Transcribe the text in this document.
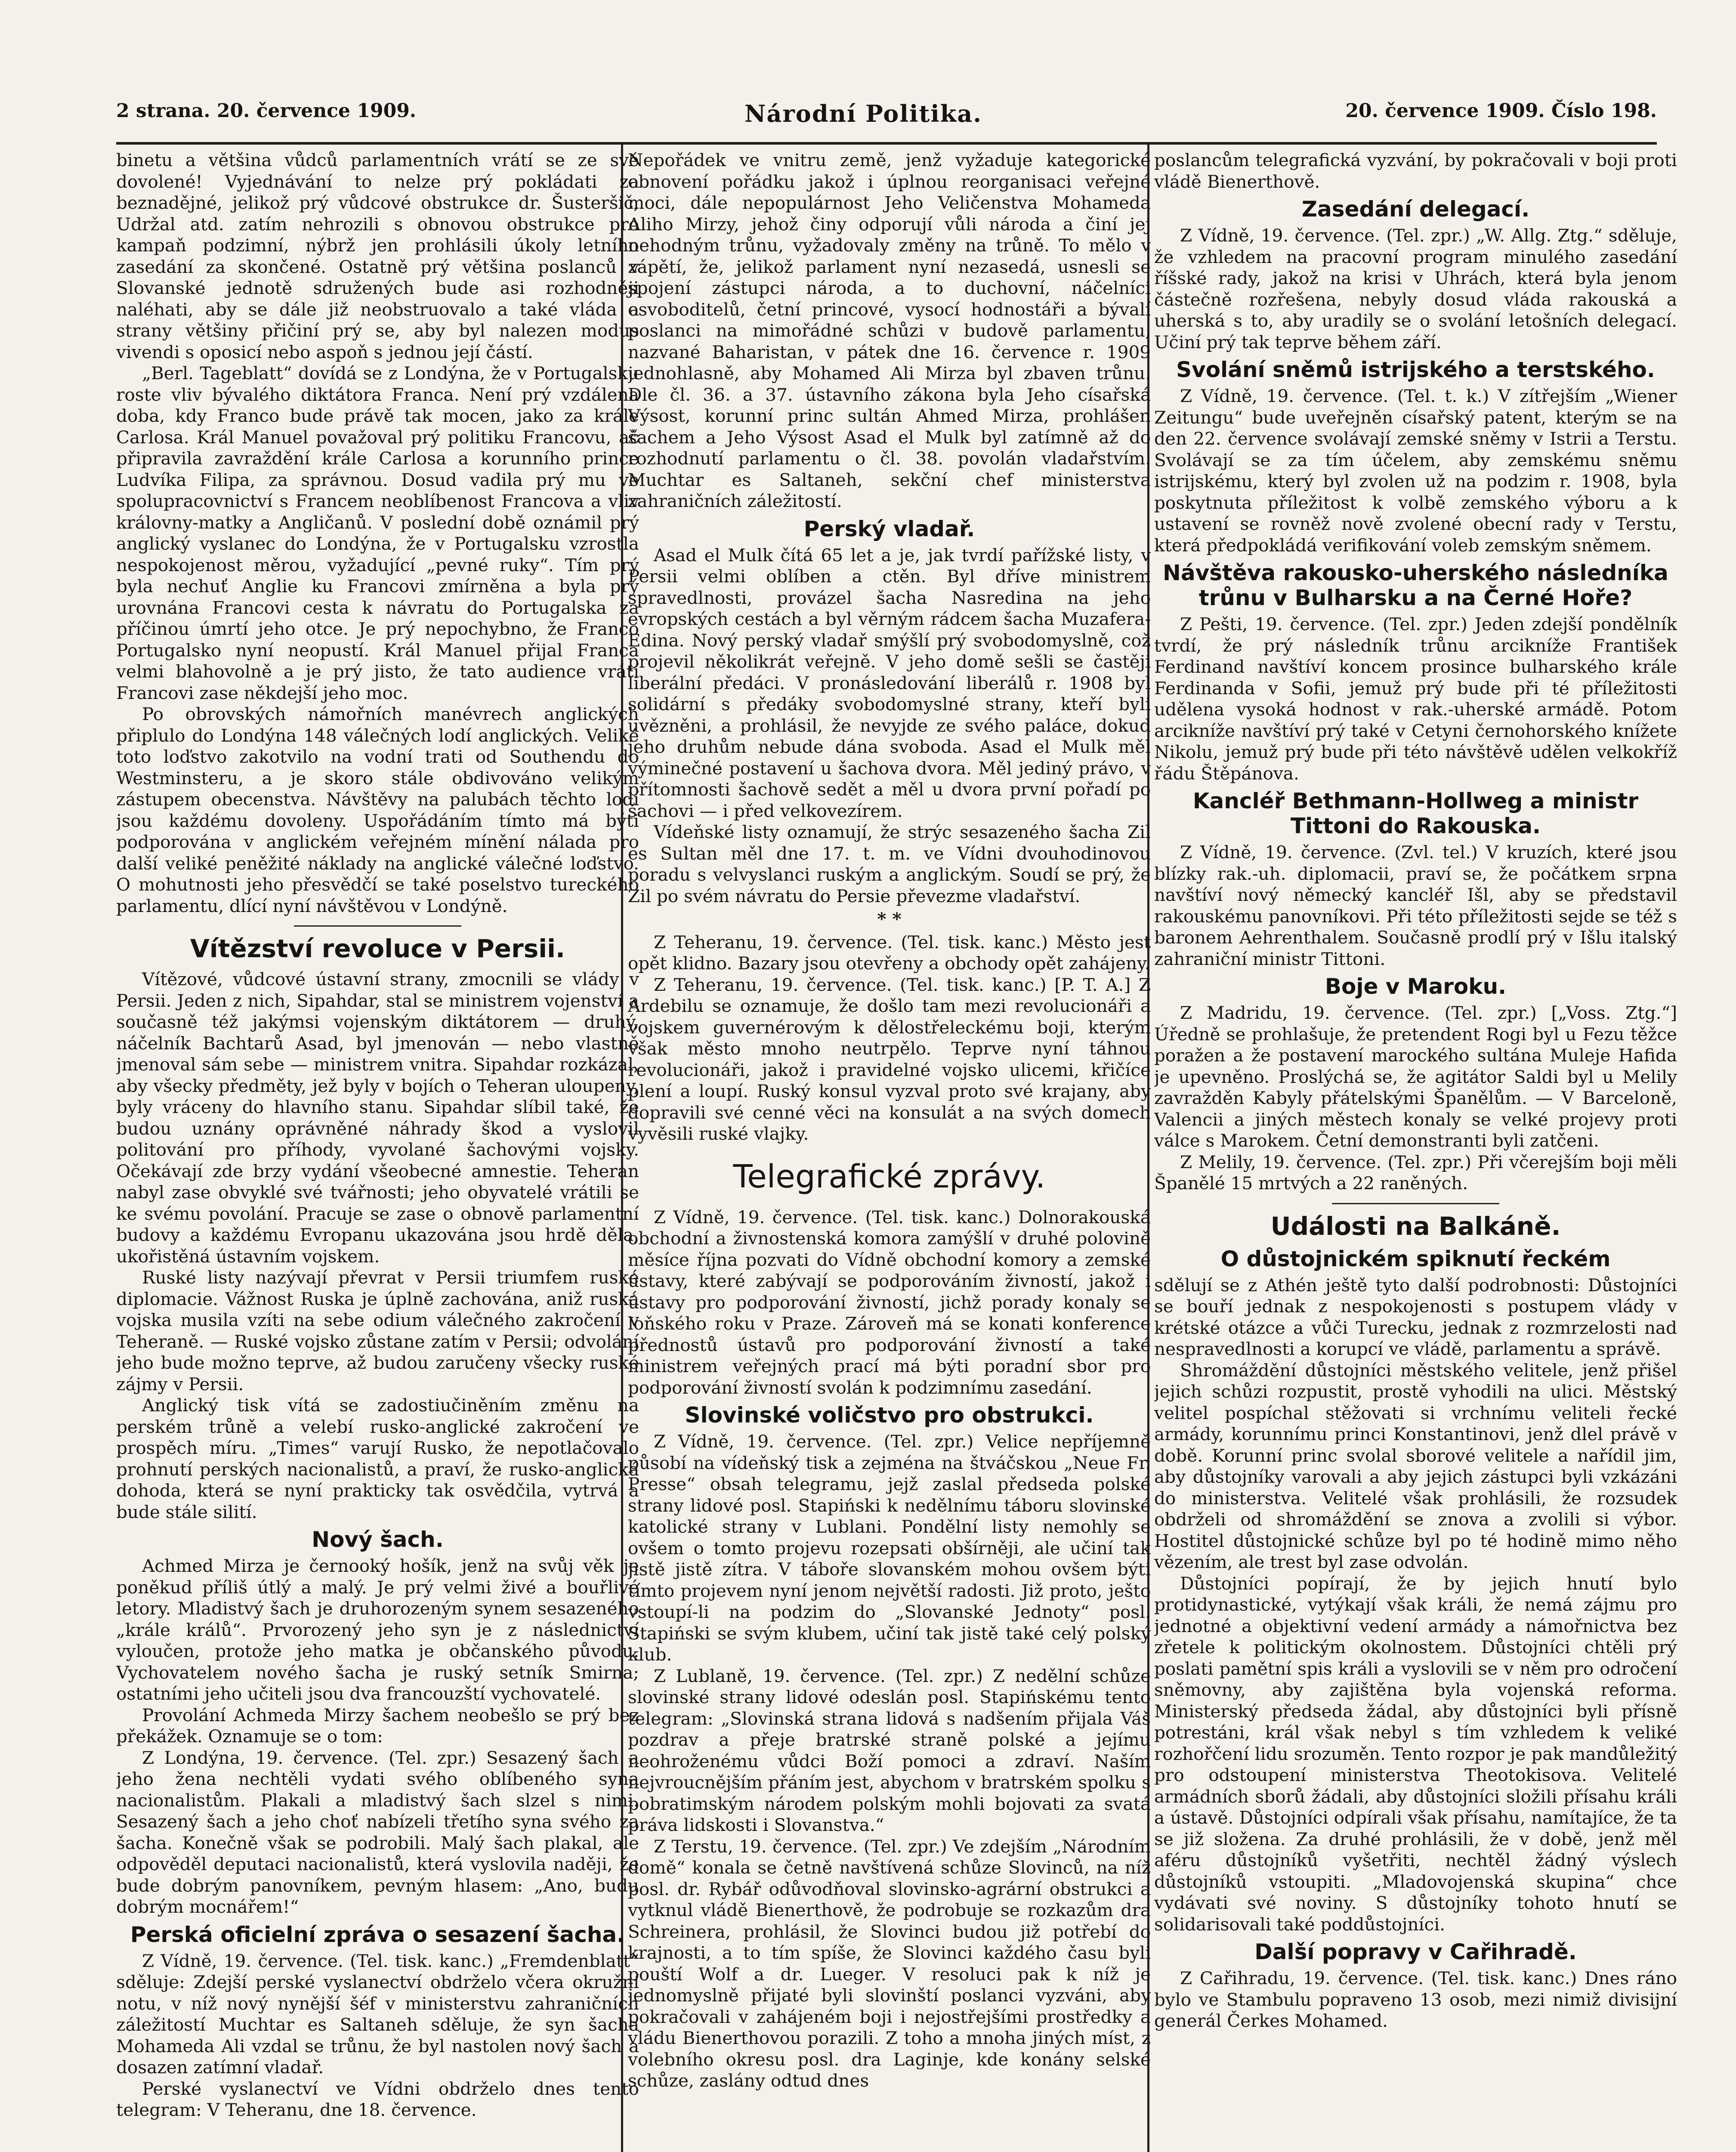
2 strana. 20. července 1909.	Národní Politika.	20. července 1909. Číslo 198.

binetu a většina vůdců parlamentních vrátí se ze své dovolené! Vyjednávání to nelze prý pokládati za beznadějné, jelikož prý vůdcové obstrukce dr. Šusteršič, Udržal atd. zatím nehrozili s obnovou obstrukce pro kampaň podzimní, nýbrž jen prohlásili úkoly letního zasedání za skončené. Ostatně prý většina poslanců v Slovanské jednotě sdružených bude asi rozhodněji naléhati, aby se dále již neobstruovalo a také vláda a strany většiny přičiní prý se, aby byl nalezen modus vivendi s oposicí nebo aspoň s jednou její částí.

„Berl. Tageblatt“ dovídá se z Londýna, že v Portugalsku roste vliv bývalého diktátora Franca. Není prý vzdálena doba, kdy Franco bude právě tak mocen, jako za krále Carlosa. Král Manuel považoval prý politiku Francovu, ač připravila zavraždění krále Carlosa a korunního prince Ludvíka Filipa, za správnou. Dosud vadila prý mu ve spolupracovnictví s Francem neoblíbenost Francova a vliv královny-matky a Angličanů. V poslední době oznámil prý anglický vyslanec do Londýna, že v Portugalsku vzrostla nespokojenost měrou, vyžadující „pevné ruky“. Tím prý byla nechuť Anglie ku Francovi zmírněna a byla prý urovnána Francovi cesta k návratu do Portugalska za příčinou úmrtí jeho otce. Je prý nepochybno, že Franco Portugalsko nyní neopustí. Král Manuel přijal Franca velmi blahovolně a je prý jisto, že tato audience vrátí Francovi zase někdejší jeho moc.

Po obrovských námořních manévrech anglických připlulo do Londýna 148 válečných lodí anglických. Veliké toto loďstvo zakotvilo na vodní trati od Southendu do Westminsteru, a je skoro stále obdivováno velikým zástupem obecenstva. Návštěvy na palubách těchto lodí jsou každému dovoleny. Uspořádáním tímto má býti podporována v anglickém veřejném mínění nálada pro další veliké peněžité náklady na anglické válečné loďstvo. O mohutnosti jeho přesvědčí se také poselstvo tureckého parlamentu, dlící nyní návštěvou v Londýně.

Vítězství revoluce v Persii.

Vítězové, vůdcové ústavní strany, zmocnili se vlády v Persii. Jeden z nich, Sipahdar, stal se ministrem vojenství a současně též jakýmsi vojenským diktátorem — druhý, náčelník Bachtarů Asad, byl jmenován — nebo vlastně jmenoval sám sebe — ministrem vnitra. Sipahdar rozkázal, aby všecky předměty, jež byly v bojích o Teheran uloupeny, byly vráceny do hlavního stanu. Sipahdar slíbil také, že budou uznány oprávněné náhrady škod a vyslovil politování pro příhody, vyvolané šachovými vojsky. Očekávají zde brzy vydání všeobecné amnestie. Teheran nabyl zase obvyklé své tvářnosti; jeho obyvatelé vrátili se ke svému povolání. Pracuje se zase o obnově parlamentní budovy a každému Evropanu ukazována jsou hrdě děla, ukořistěná ústavním vojskem.

Ruské listy nazývají převrat v Persii triumfem ruské diplomacie. Vážnost Ruska je úplně zachována, aniž ruská vojska musila vzíti na sebe odium válečného zakročení v Teheraně. — Ruské vojsko zůstane zatím v Persii; odvolání jeho bude možno teprve, až budou zaručeny všecky ruské zájmy v Persii.

Anglický tisk vítá se zadostiučiněním změnu na perském trůně a velebí rusko-anglické zakročení ve prospěch míru. „Times“ varují Rusko, že nepotlačovalo prohnutí perských nacionalistů, a praví, že rusko-anglická dohoda, která se nyní prakticky tak osvědčila, vytrvá a bude stále silití.

Nový šach.

Achmed Mirza je černooký hošík, jenž na svůj věk je poněkud příliš útlý a malý. Je prý velmi živé a bouřlivé letory. Mladistvý šach je druhorozeným synem sesazeného „krále králů“. Prvorozený jeho syn je z následnictví vyloučen, protože jeho matka je občanského původu. Vychovatelem nového šacha je ruský setník Smirna; ostatními jeho učiteli jsou dva francouzští vychovatelé.

Provolání Achmeda Mirzy šachem neobešlo se prý bez překážek. Oznamuje se o tom:

Z Londýna, 19. července. (Tel. zpr.) Sesazený šach a jeho žena nechtěli vydati svého oblíbeného syna nacionalistům. Plakali a mladistvý šach slzel s nimi. Sesazený šach a jeho choť nabízeli třetího syna svého za šacha. Konečně však se podrobili. Malý šach plakal, ale odpověděl deputaci nacionalistů, která vyslovila naději, že bude dobrým panovníkem, pevným hlasem: „Ano, budu dobrým mocnářem!“

Perská oficielní zpráva o sesazení šacha.

Z Vídně, 19. července. (Tel. tisk. kanc.) „Fremdenblatt“ sděluje: Zdejší perské vyslanectví obdrželo včera okružní notu, v níž nový nynější šéf v ministerstvu zahraničních záležitostí Muchtar es Saltaneh sděluje, že syn šacha Mohameda Ali vzdal se trůnu, že byl nastolen nový šach a dosazen zatímní vladař.

Perské vyslanectví ve Vídni obdrželo dnes tento telegram: V Teheranu, dne 18. července.

Nepořádek ve vnitru země, jenž vyžaduje kategorické obnovení pořádku jakož i úplnou reorganisaci veřejné moci, dále nepopulárnost Jeho Veličenstva Mohameda Aliho Mirzy, jehož činy odporují vůli národa a činí jej nehodným trůnu, vyžadovaly změny na trůně. To mělo v zápětí, že, jelikož parlament nyní nezasedá, usnesli se spojení zástupci národa, a to duchovní, náčelníci osvoboditelů, četní princové, vysocí hodnostáři a bývalí poslanci na mimořádné schůzi v budově parlamentu, nazvané Baharistan, v pátek dne 16. července r. 1909 jednohlasně, aby Mohamed Ali Mirza byl zbaven trůnu. Dle čl. 36. a 37. ústavního zákona byla Jeho císařská Výsost, korunní princ sultán Ahmed Mirza, prohlášen šachem a Jeho Výsost Asad el Mulk byl zatímně až do rozhodnutí parlamentu o čl. 38. povolán vladařstvím. Muchtar es Saltaneh, sekční chef ministerstva zahraničních záležitostí.

Perský vladař.

Asad el Mulk čítá 65 let a je, jak tvrdí pařížské listy, v Persii velmi oblíben a ctěn. Byl dříve ministrem spravedlnosti, provázel šacha Nasredina na jeho evropských cestách a byl věrným rádcem šacha Muzafera-Edina. Nový perský vladař smýšlí prý svobodomyslně, což projevil několikrát veřejně. V jeho domě sešli se častěji liberální předáci. V pronásledování liberálů r. 1908 byl solidární s předáky svobodomyslné strany, kteří byli uvězněni, a prohlásil, že nevyjde ze svého paláce, dokud jeho druhům nebude dána svoboda. Asad el Mulk měl výminečné postavení u šachova dvora. Měl jediný právo, v přítomnosti šachově sedět a měl u dvora první pořadí po šachovi — i před velkovezírem.

Vídeňské listy oznamují, že strýc sesazeného šacha Zil es Sultan měl dne 17. t. m. ve Vídni dvouhodinovou poradu s velvyslanci ruským a anglickým. Soudí se prý, že Zil po svém návratu do Persie převezme vladařství.

* *

Z Teheranu, 19. července. (Tel. tisk. kanc.) Město jest opět klidno. Bazary jsou otevřeny a obchody opět zahájeny.

Z Teheranu, 19. července. (Tel. tisk. kanc.) [P. T. A.] Z Ardebilu se oznamuje, že došlo tam mezi revolucionáři a vojskem guvernérovým k dělostřeleckému boji, kterým však město mnoho neutrpělo. Teprve nyní táhnou revolucionáři, jakož i pravidelné vojsko ulicemi, křičíce plení a loupí. Ruský konsul vyzval proto své krajany, aby dopravili své cenné věci na konsulát a na svých domech vyvěsili ruské vlajky.

Telegrafické zprávy.

Z Vídně, 19. července. (Tel. tisk. kanc.) Dolnorakouská obchodní a živnostenská komora zamýšlí v druhé polovině měsíce října pozvati do Vídně obchodní komory a zemské ústavy, které zabývají se podporováním živností, jakož i ústavy pro podporování živností, jichž porady konaly se loňského roku v Praze. Zároveň má se konati konference přednostů ústavů pro podporování živností a také ministrem veřejných prací má býti poradní sbor pro podporování živností svolán k podzimnímu zasedání.

Slovinské voličstvo pro obstrukci.

Z Vídně, 19. července. (Tel. zpr.) Velice nepříjemně působí na vídeňský tisk a zejména na štváčskou „Neue Fr. Presse“ obsah telegramu, jejž zaslal předseda polské strany lidové posl. Stapiński k nedělnímu táboru slovinské katolické strany v Lublani. Pondělní listy nemohly se ovšem o tomto projevu rozepsati obšírněji, ale učiní tak jistě jistě zítra. V táboře slovanském mohou ovšem býti tímto projevem nyní jenom největší radosti. Již proto, ješto vstoupí-li na podzim do „Slovanské Jednoty“ posl. Stapiński se svým klubem, učiní tak jistě také celý polský klub.

Z Lublaně, 19. července. (Tel. zpr.) Z nedělní schůze slovinské strany lidové odeslán posl. Stapińskému tento telegram: „Slovinská strana lidová s nadšením přijala Váš pozdrav a přeje bratrské straně polské a jejímu neohroženému vůdci Boží pomoci a zdraví. Naším nejvroucnějším přáním jest, abychom v bratrském spolku s pobratimským národem polským mohli bojovati za svatá práva lidskosti i Slovanstva.“

Z Terstu, 19. července. (Tel. zpr.) Ve zdejším „Národním domě“ konala se četně navštívená schůze Slovinců, na níž posl. dr. Rybář odůvodňoval slovinsko-agrární obstrukci a vytknul vládě Bienerthově, že podrobuje se rozkazům dra Schreinera, prohlásil, že Slovinci budou již potřebí do krajnosti, a to tím spíše, že Slovinci každého času byli pouští Wolf a dr. Lueger. V resoluci pak k níž je jednomyslně přijaté byli slovinští poslanci vyzváni, aby pokračovali v zahájeném boji i nejostřejšími prostředky a vládu Bienerthovou porazili. Z toho a mnoha jiných míst, z volebního okresu posl. dra Laginje, kde konány selské schůze, zaslány odtud dnes

poslancům telegrafická vyzvání, by pokračovali v boji proti vládě Bienerthově.

Zasedání delegací.

Z Vídně, 19. července. (Tel. zpr.) „W. Allg. Ztg.“ sděluje, že vzhledem na pracovní program minulého zasedání říšské rady, jakož na krisi v Uhrách, která byla jenom částečně rozřešena, nebyly dosud vláda rakouská a uherská s to, aby uradily se o svolání letošních delegací. Učiní prý tak teprve během září.

Svolání sněmů istrijského a terstského.

Z Vídně, 19. července. (Tel. t. k.) V zítřejším „Wiener Zeitungu“ bude uveřejněn císařský patent, kterým se na den 22. července svolávají zemské sněmy v Istrii a Terstu. Svolávají se za tím účelem, aby zemskému sněmu istrijskému, který byl zvolen už na podzim r. 1908, byla poskytnuta příležitost k volbě zemského výboru a k ustavení se rovněž nově zvolené obecní rady v Terstu, která předpokládá verifikování voleb zemským sněmem.

Návštěva rakousko-uherského následníka trůnu v Bulharsku a na Černé Hoře?

Z Pešti, 19. července. (Tel. zpr.) Jeden zdejší pondělník tvrdí, že prý následník trůnu arcikníže František Ferdinand navštíví koncem prosince bulharského krále Ferdinanda v Sofii, jemuž prý bude při té příležitosti udělena vysoká hodnost v rak.-uherské armádě. Potom arcikníže navštíví prý také v Cetyni černohorského knížete Nikolu, jemuž prý bude při této návštěvě udělen velkokříž řádu Štěpánova.

Kancléř Bethmann-Hollweg a ministr Tittoni do Rakouska.

Z Vídně, 19. července. (Zvl. tel.) V kruzích, které jsou blízky rak.-uh. diplomacii, praví se, že počátkem srpna navštíví nový německý kancléř Išl, aby se představil rakouskému panovníkovi. Při této příležitosti sejde se též s baronem Aehrenthalem. Současně prodlí prý v Išlu italský zahraniční ministr Tittoni.

Boje v Maroku.

Z Madridu, 19. července. (Tel. zpr.) [„Voss. Ztg.“] Úředně se prohlašuje, že pretendent Rogi byl u Fezu těžce poražen a že postavení marockého sultána Muleje Hafida je upevněno. Proslýchá se, že agitátor Saldi byl u Melily zavražděn Kabyly přátelskými Španělům. — V Barceloně, Valencii a jiných městech konaly se velké projevy proti válce s Marokem. Četní demonstranti byli zatčeni.

Z Melily, 19. července. (Tel. zpr.) Při včerejším boji měli Španělé 15 mrtvých a 22 raněných.

Události na Balkáně.
O důstojnickém spiknutí řeckém

sdělují se z Athén ještě tyto další podrobnosti: Důstojníci se bouří jednak z nespokojenosti s postupem vlády v krétské otázce a vůči Turecku, jednak z rozmrzelosti nad nespravedlnosti a korupcí ve vládě, parlamentu a správě.

Shromáždění důstojníci městského velitele, jenž přišel jejich schůzi rozpustit, prostě vyhodili na ulici. Městský velitel pospíchal stěžovati si vrchnímu veliteli řecké armády, korunnímu princi Konstantinovi, jenž dlel právě v době. Korunní princ svolal sborové velitele a nařídil jim, aby důstojníky varovali a aby jejich zástupci byli vzkázáni do ministerstva. Velitelé však prohlásili, že rozsudek obdrželi od shromáždění se znova a zvolili si výbor. Hostitel důstojnické schůze byl po té hodině mimo něho vězením, ale trest byl zase odvolán.

Důstojníci popírají, že by jejich hnutí bylo protidynastické, vytýkají však králi, že nemá zájmu pro jednotné a objektivní vedení armády a námořnictva bez zřetele k politickým okolnostem. Důstojníci chtěli prý poslati pamětní spis králi a vyslovili se v něm pro odročení sněmovny, aby zajištěna byla vojenská reforma. Ministerský předseda žádal, aby důstojníci byli přísně potrestáni, král však nebyl s tím vzhledem k veliké rozhořčení lidu srozuměn. Tento rozpor je pak mandůležitý pro odstoupení ministerstva Theotokisova. Velitelé armádních sborů žádali, aby důstojníci složili přísahu králi a ústavě. Důstojníci odpírali však přísahu, namítajíce, že ta se již složena. Za druhé prohlásili, že v době, jenž měl aféru důstojníků vyšetřiti, nechtěl žádný výslech důstojníků vstoupiti. „Mladovojenská skupina“ chce vydávati své noviny. S důstojníky tohoto hnutí se solidarisovali také poddůstojníci.

Další popravy v Cařihradě.

Z Cařihradu, 19. července. (Tel. tisk. kanc.) Dnes ráno bylo ve Stambulu popraveno 13 osob, mezi nimiž divisijní generál Čerkes Mohamed.
